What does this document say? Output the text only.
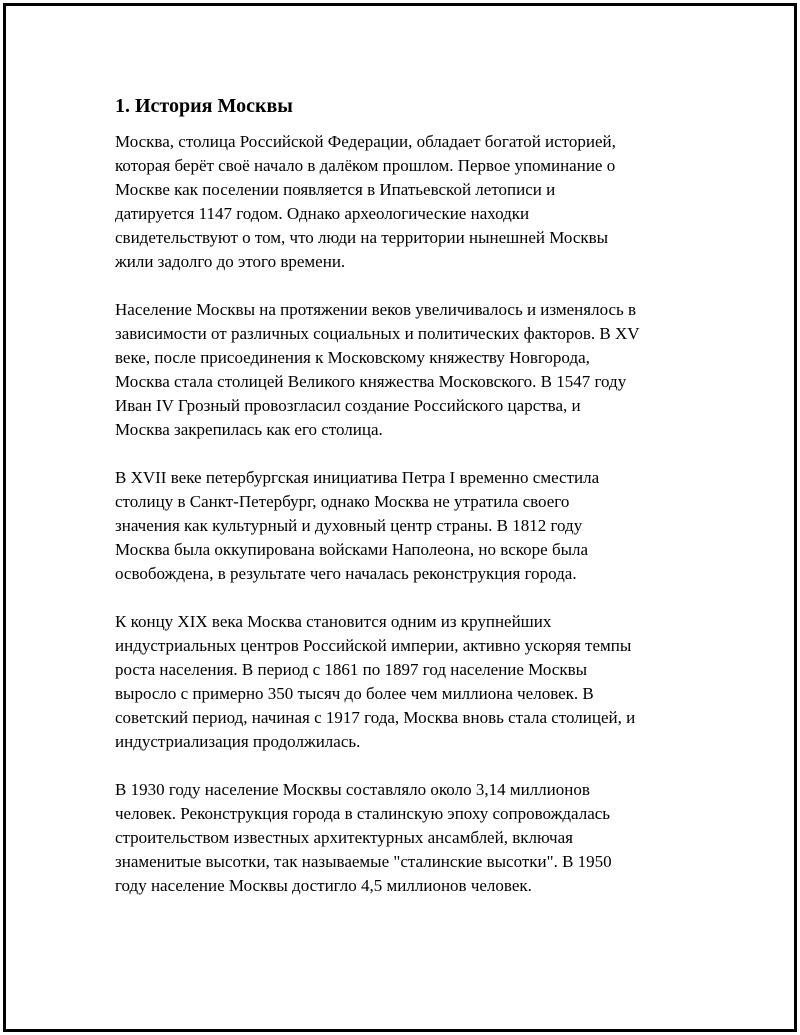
1. История Москвы
Москва, столица Российской Федерации, обладает богатой историей,
которая берёт своё начало в далёком прошлом. Первое упоминание о
Москве как поселении появляется в Ипатьевской летописи и
датируется 1147 годом. Однако археологические находки
свидетельствуют о том, что люди на территории нынешней Москвы
жили задолго до этого времени.
Население Москвы на протяжении веков увеличивалось и изменялось в
зависимости от различных социальных и политических факторов. В XV
веке, после присоединения к Московскому княжеству Новгорода,
Москва стала столицей Великого княжества Московского. В 1547 году
Иван IV Грозный провозгласил создание Российского царства, и
Москва закрепилась как его столица.
В XVII веке петербургская инициатива Петра I временно сместила
столицу в Санкт-Петербург, однако Москва не утратила своего
значения как культурный и духовный центр страны. В 1812 году
Москва была оккупирована войсками Наполеона, но вскоре была
освобождена, в результате чего началась реконструкция города.
К концу XIX века Москва становится одним из крупнейших
индустриальных центров Российской империи, активно ускоряя темпы
роста населения. В период с 1861 по 1897 год население Москвы
выросло с примерно 350 тысяч до более чем миллиона человек. В
советский период, начиная с 1917 года, Москва вновь стала столицей, и
индустриализация продолжилась.
В 1930 году население Москвы составляло около 3,14 миллионов
человек. Реконструкция города в сталинскую эпоху сопровождалась
строительством известных архитектурных ансамблей, включая
знаменитые высотки, так называемые "сталинские высотки". В 1950
году население Москвы достигло 4,5 миллионов человек.
